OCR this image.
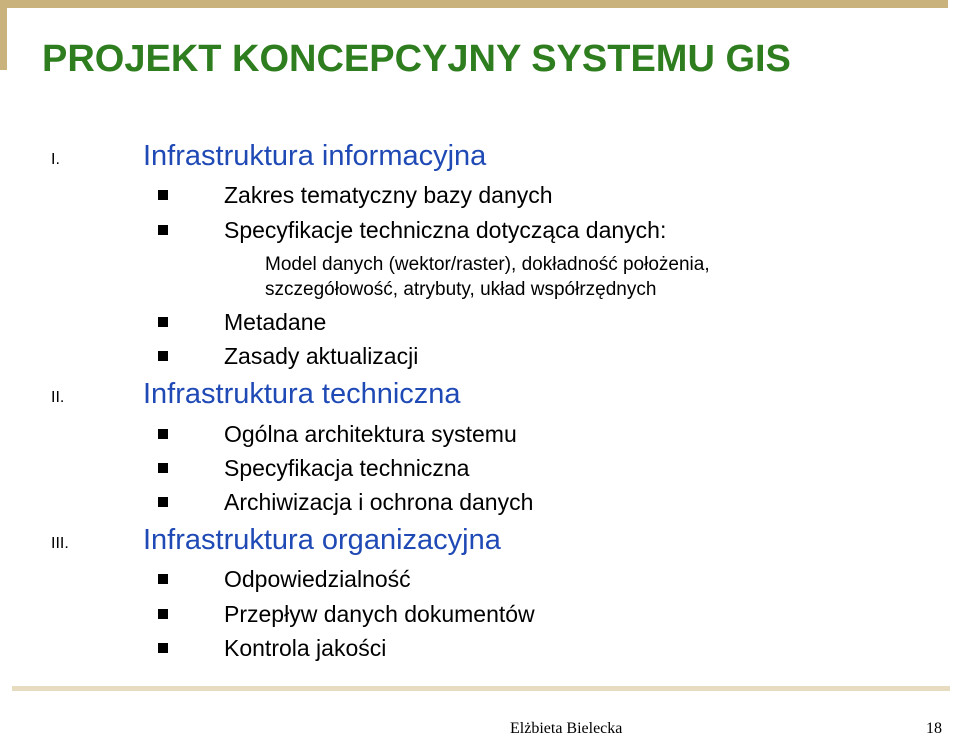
PROJEKT KONCEPCYJNY SYSTEMU GIS
I.	Infrastruktura informacyjna
Zakres tematyczny bazy danych
Specyfikacje techniczna dotycząca danych:
Model danych (wektor/raster), dokładność położenia,
szczegółowość, atrybuty, układ współrzędnych
Metadane
Zasady aktualizacji
II.	Infrastruktura techniczna
Ogólna architektura systemu
Specyfikacja techniczna
Archiwizacja i ochrona danych
III.	Infrastruktura organizacyjna
Odpowiedzialność
Przepływ danych dokumentów
Kontrola jakości
Elżbieta Bielecka	18
